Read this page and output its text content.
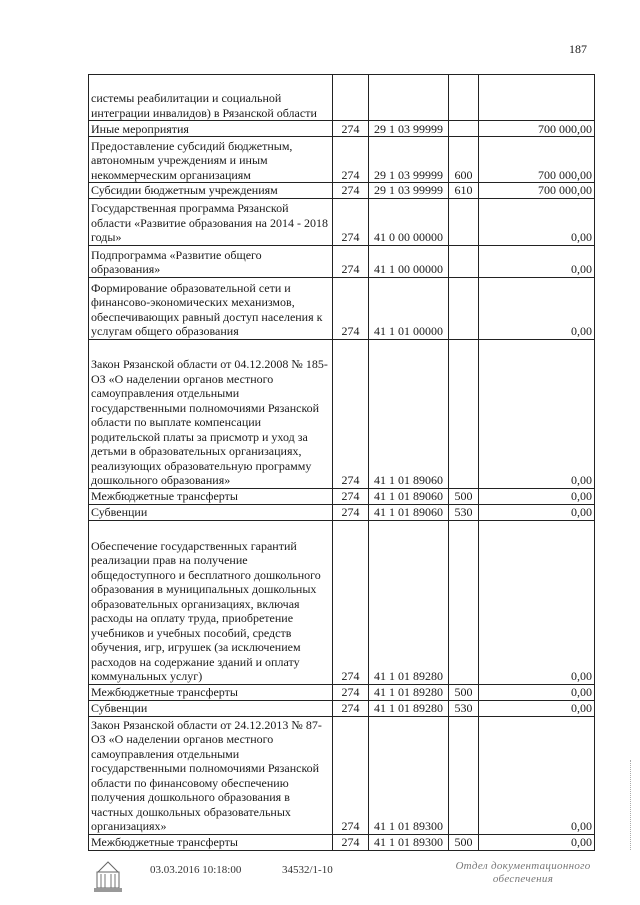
187
системы реабилитации и социальной интеграции инвалидов) в Рязанской области				
Иные мероприятия	274	29 1 03 99999		700 000,00
Предоставление субсидий бюджетным, автономным учреждениям и иным некоммерческим организациям	274	29 1 03 99999	600	700 000,00
Субсидии бюджетным учреждениям	274	29 1 03 99999	610	700 000,00
Государственная программа Рязанской области «Развитие образования на 2014 - 2018 годы»	274	41 0 00 00000		0,00
Подпрограмма «Развитие общего образования»	274	41 1 00 00000		0,00
Формирование образовательной сети и финансово-экономических механизмов, обеспечивающих равный доступ населения к услугам общего образования	274	41 1 01 00000		0,00
Закон Рязанской области от 04.12.2008 № 185-ОЗ «О наделении органов местного самоуправления отдельными государственными полномочиями Рязанской области по выплате компенсации родительской платы за присмотр и уход за детьми в образовательных организациях, реализующих образовательную программу дошкольного образования»	274	41 1 01 89060		0,00
Межбюджетные трансферты	274	41 1 01 89060	500	0,00
Субвенции	274	41 1 01 89060	530	0,00
Обеспечение государственных гарантий реализации прав на получение общедоступного и бесплатного дошкольного образования в муниципальных дошкольных образовательных организациях, включая расходы на оплату труда, приобретение учебников и учебных пособий, средств обучения, игр, игрушек (за исключением расходов на содержание зданий и оплату коммунальных услуг)	274	41 1 01 89280		0,00
Межбюджетные трансферты	274	41 1 01 89280	500	0,00
Субвенции	274	41 1 01 89280	530	0,00
Закон Рязанской области от 24.12.2013 № 87-ОЗ «О наделении органов местного самоуправления отдельными государственными полномочиями Рязанской области по финансовому обеспечению получения дошкольного образования в частных дошкольных образовательных организациях»	274	41 1 01 89300		0,00
Межбюджетные трансферты	274	41 1 01 89300	500	0,00
03.03.2016 10:18:00	34532/1-10	Отдел документационного
обеспечения
